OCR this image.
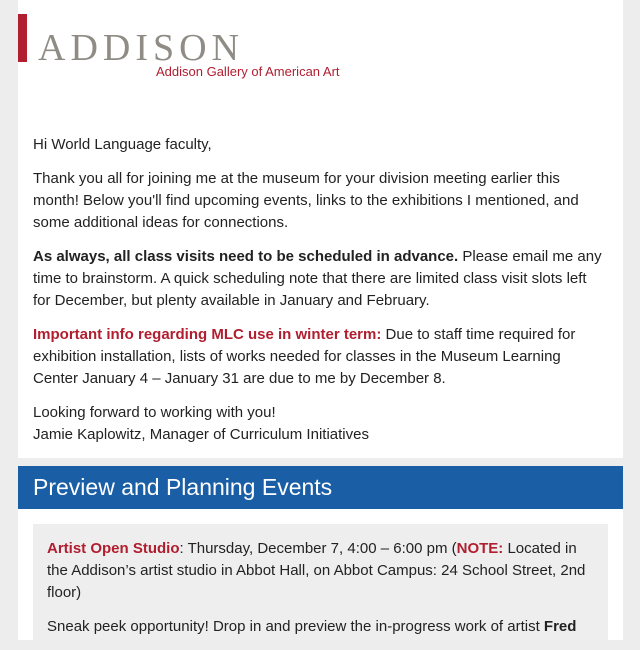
ADDISON
Addison Gallery of American Art

Hi World Language faculty,

Thank you all for joining me at the museum for your division meeting earlier this month! Below you'll find upcoming events, links to the exhibitions I mentioned, and some additional ideas for connections.

As always, all class visits need to be scheduled in advance. Please email me any time to brainstorm. A quick scheduling note that there are limited class visit slots left for December, but plenty available in January and February.

Important info regarding MLC use in winter term: Due to staff time required for exhibition installation, lists of works needed for classes in the Museum Learning Center January 4 – January 31 are due to me by December 8.

Looking forward to working with you!
Jamie Kaplowitz, Manager of Curriculum Initiatives

Preview and Planning Events

Artist Open Studio: Thursday, December 7, 4:00 – 6:00 pm (NOTE: Located in the Addison’s artist studio in Abbot Hall, on Abbot Campus: 24 School Street, 2nd floor)

Sneak peek opportunity! Drop in and preview the in-progress work of artist Fred
